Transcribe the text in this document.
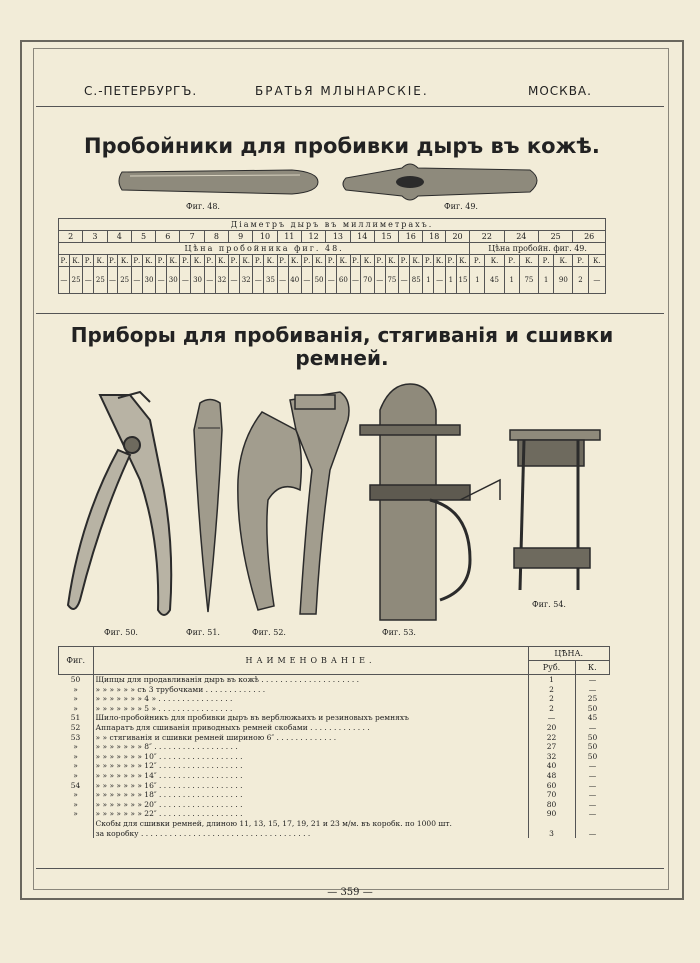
С.-ПЕТЕРБУРГЪ.	БРАТЬЯ МЛЫНАРСКІЕ.	МОСКВА.
Пробойники для пробивки дыръ въ кожѣ.
Фиг. 48.	Фиг. 49.
Діаметръ дыръ въ миллиметрахъ.																																									
2		3		4		5		6		7		8		9		10		11		12		13		14		15		16		18		20		22		24		25		26	
Цѣна пробойника фиг. 48.																																		Цѣна пробойн. фиг. 49.							
Р.	К.	Р.	К.	Р.	К.	Р.	К.	Р.	К.	Р.	К.	Р.	К.	Р.	К.	Р.	К.	Р.	К.	Р.	К.	Р.	К.	Р.	К.	Р.	К.	Р.	К.	Р.	К.	Р.	К.	Р.	К.	Р.	К.	Р.	К.	Р.	К.
—	25	—	25	—	25	—	30	—	30	—	30	—	32	—	32	—	35	—	40	—	50	—	60	—	70	—	75	—	85	1	—	1	15	1	45	1	75	1	90	2	—
Приборы для пробиванія, стягиванія и сшивки ремней.
Фиг. 50.	Фиг. 51.	Фиг. 52.	Фиг. 53.
Фиг. 54.
Фиг.	НАИМЕНОВАНІЕ.	ЦѢНА.	
		Руб.	К.
50	Щипцы для продавливанія дыръ въ кожѣ . . . . . . . . . . . . . . . . . . . . .	1	—
»	» » » » » » съ 3 трубочками . . . . . . . . . . . . .	2	—
»	» » » » » » » 4 » . . . . . . . . . . . . . . . .	2	25
»	» » » » » » » 5 » . . . . . . . . . . . . . . . .	2	50
51	Шило-пробойникъ для пробивки дыръ въ верблюжьихъ и резиновыхъ ремняхъ	—	45
52	Аппаратъ для сшиванія приводныхъ ремней скобами . . . . . . . . . . . . .	20	—
53	» » стягиванія и сшивки ремней шириною 6″ . . . . . . . . . . . . .	22	50
»	» » » » » » » 8″ . . . . . . . . . . . . . . . . . .	27	50
»	» » » » » » » 10″ . . . . . . . . . . . . . . . . . .	32	50
»	» » » » » » » 12″ . . . . . . . . . . . . . . . . . .	40	—
»	» » » » » » » 14″ . . . . . . . . . . . . . . . . . .	48	—
54	» » » » » » » 16″ . . . . . . . . . . . . . . . . . .	60	—
»	» » » » » » » 18″ . . . . . . . . . . . . . . . . . .	70	—
»	» » » » » » » 20″ . . . . . . . . . . . . . . . . . .	80	—
»	» » » » » » » 22″ . . . . . . . . . . . . . . . . . .	90	—
	Скобы для сшивки ремней, длиною 11, 13, 15, 17, 19, 21 и 23 м/м. въ коробк. по 1000 шт.		
	за коробку . . . . . . . . . . . . . . . . . . . . . . . . . . . . . . . . . . . .	3	—
— 359 —
